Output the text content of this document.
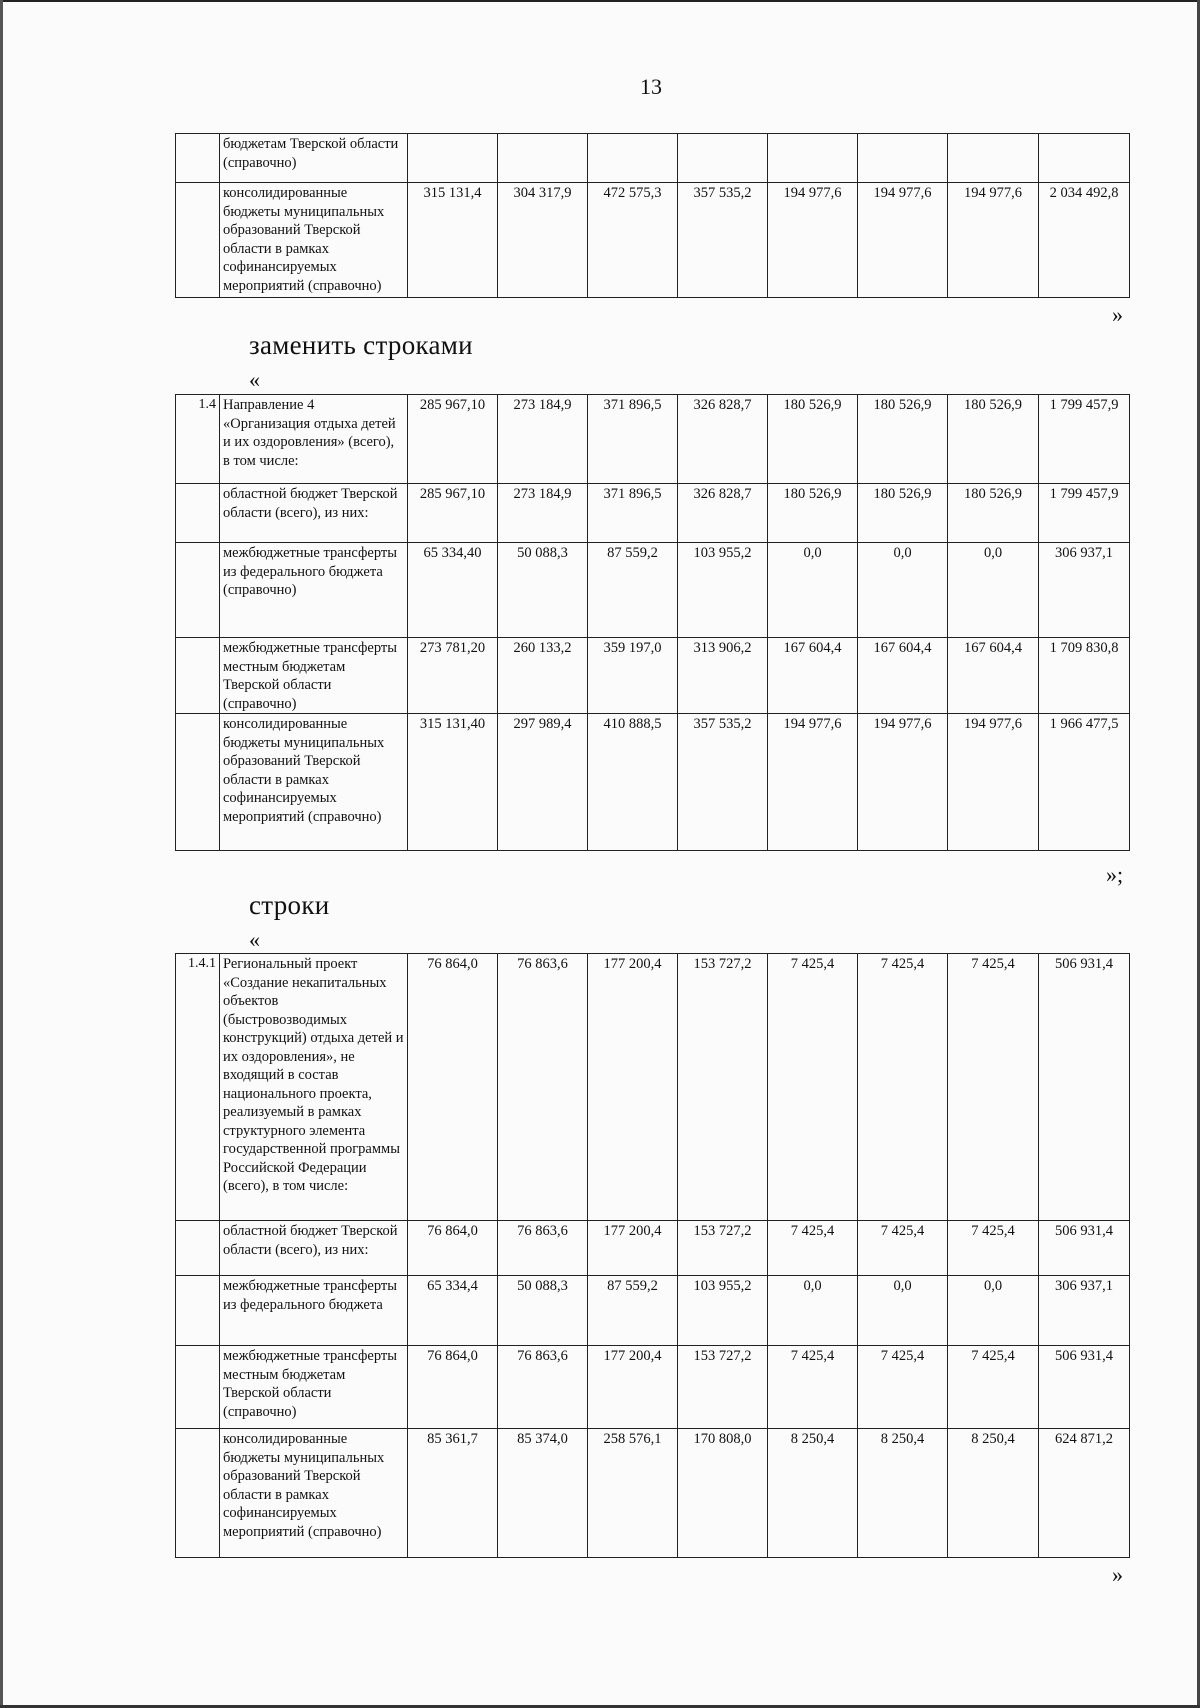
13
	бюджетам Тверской области (справочно)								
	консолидированные бюджеты муниципальных образований Тверской области в рамках софинансируемых мероприятий (справочно)	315 131,4	304 317,9	472 575,3	357 535,2	194 977,6	194 977,6	194 977,6	2 034 492,8
»
заменить строками
«
1.4	Направление 4 «Организация отдыха детей и их оздоровления» (всего), в том числе:	285 967,10	273 184,9	371 896,5	326 828,7	180 526,9	180 526,9	180 526,9	1 799 457,9
	областной бюджет Тверской области (всего), из них:	285 967,10	273 184,9	371 896,5	326 828,7	180 526,9	180 526,9	180 526,9	1 799 457,9
	межбюджетные трансферты из федерального бюджета (справочно)	65 334,40	50 088,3	87 559,2	103 955,2	0,0	0,0	0,0	306 937,1
	межбюджетные трансферты местным бюджетам Тверской области (справочно)	273 781,20	260 133,2	359 197,0	313 906,2	167 604,4	167 604,4	167 604,4	1 709 830,8
	консолидированные бюджеты муниципальных образований Тверской области в рамках софинансируемых мероприятий (справочно)	315 131,40	297 989,4	410 888,5	357 535,2	194 977,6	194 977,6	194 977,6	1 966 477,5
»;
строки
«
1.4.1	Региональный проект «Создание некапитальных объектов (быстровозводимых конструкций) отдыха детей и их оздоровления», не входящий в состав национального проекта, реализуемый в рамках структурного элемента государственной программы Российской Федерации (всего), в том числе:	76 864,0	76 863,6	177 200,4	153 727,2	7 425,4	7 425,4	7 425,4	506 931,4
	областной бюджет Тверской области (всего), из них:	76 864,0	76 863,6	177 200,4	153 727,2	7 425,4	7 425,4	7 425,4	506 931,4
	межбюджетные трансферты из федерального бюджета	65 334,4	50 088,3	87 559,2	103 955,2	0,0	0,0	0,0	306 937,1
	межбюджетные трансферты местным бюджетам Тверской области (справочно)	76 864,0	76 863,6	177 200,4	153 727,2	7 425,4	7 425,4	7 425,4	506 931,4
	консолидированные бюджеты муниципальных образований Тверской области в рамках софинансируемых мероприятий (справочно)	85 361,7	85 374,0	258 576,1	170 808,0	8 250,4	8 250,4	8 250,4	624 871,2
»
